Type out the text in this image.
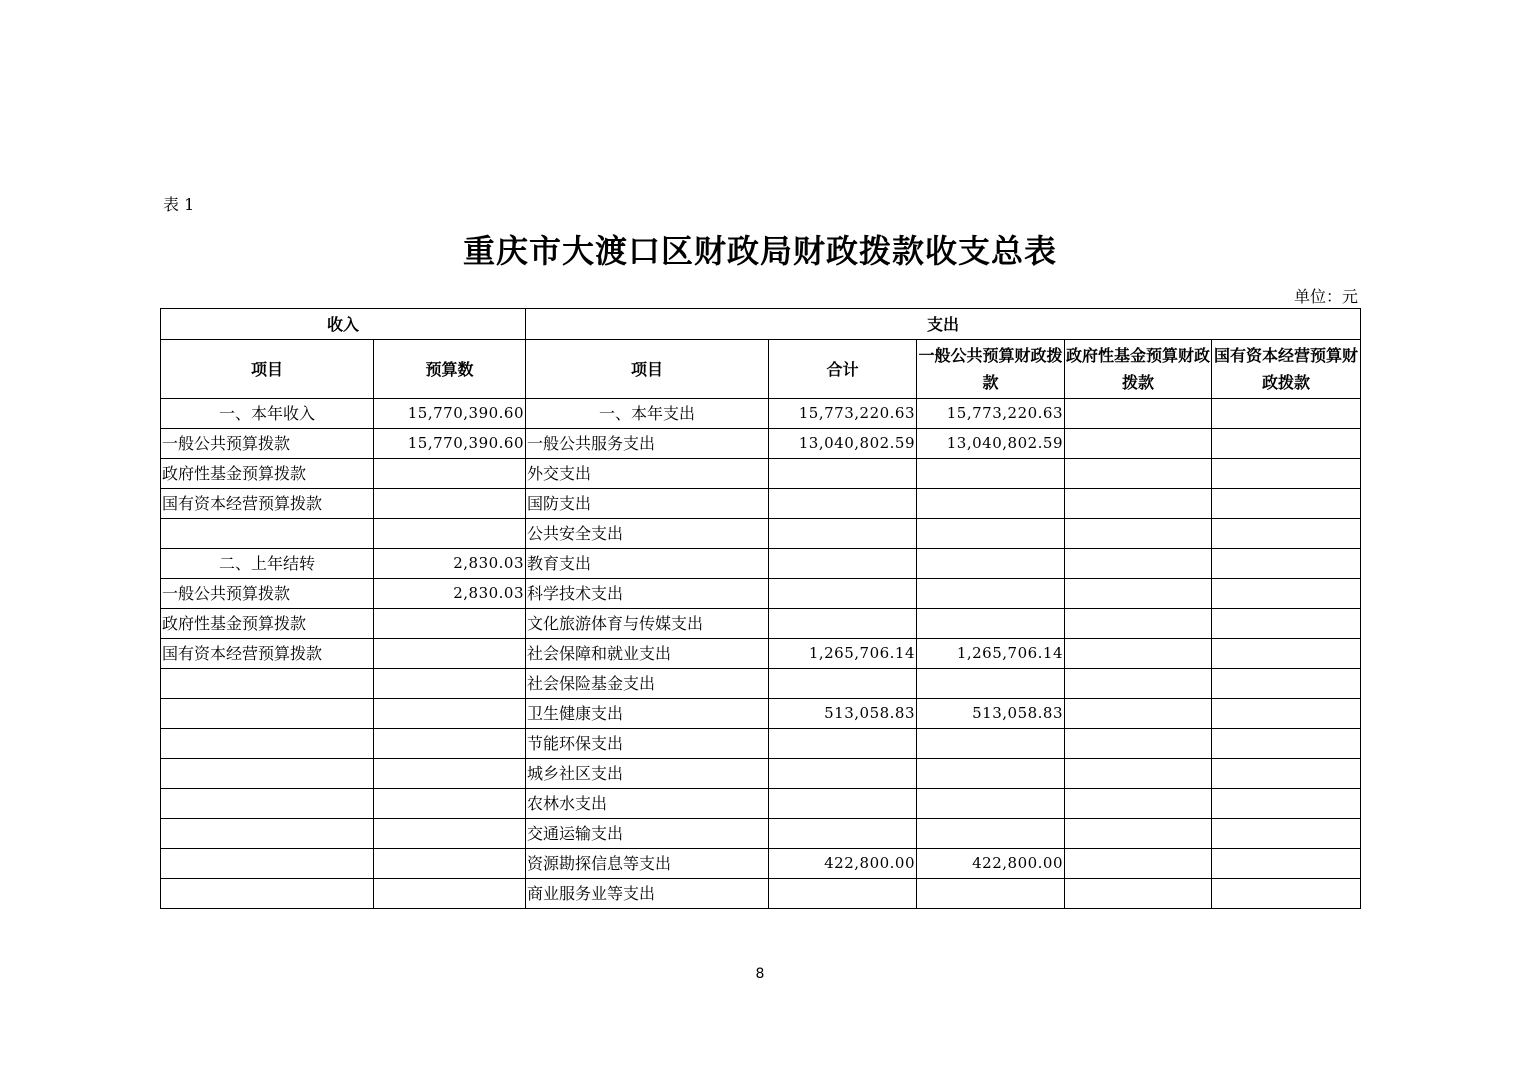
表 1
重庆市大渡口区财政局财政拨款收支总表
单位：元
收入		支出				
项目	预算数	项目	合计	一般公共预算财政拨款	政府性基金预算财政拨款	国有资本经营预算财政拨款
一、本年收入	15,770,390.60	一、本年支出	15,773,220.63	15,773,220.63		
一般公共预算拨款	15,770,390.60	一般公共服务支出	13,040,802.59	13,040,802.59		
政府性基金预算拨款		外交支出				
国有资本经营预算拨款		国防支出				
		公共安全支出				
二、上年结转	2,830.03	教育支出				
一般公共预算拨款	2,830.03	科学技术支出				
政府性基金预算拨款		文化旅游体育与传媒支出				
国有资本经营预算拨款		社会保障和就业支出	1,265,706.14	1,265,706.14		
		社会保险基金支出				
		卫生健康支出	513,058.83	513,058.83		
		节能环保支出				
		城乡社区支出				
		农林水支出				
		交通运输支出				
		资源勘探信息等支出	422,800.00	422,800.00		
		商业服务业等支出				
8
